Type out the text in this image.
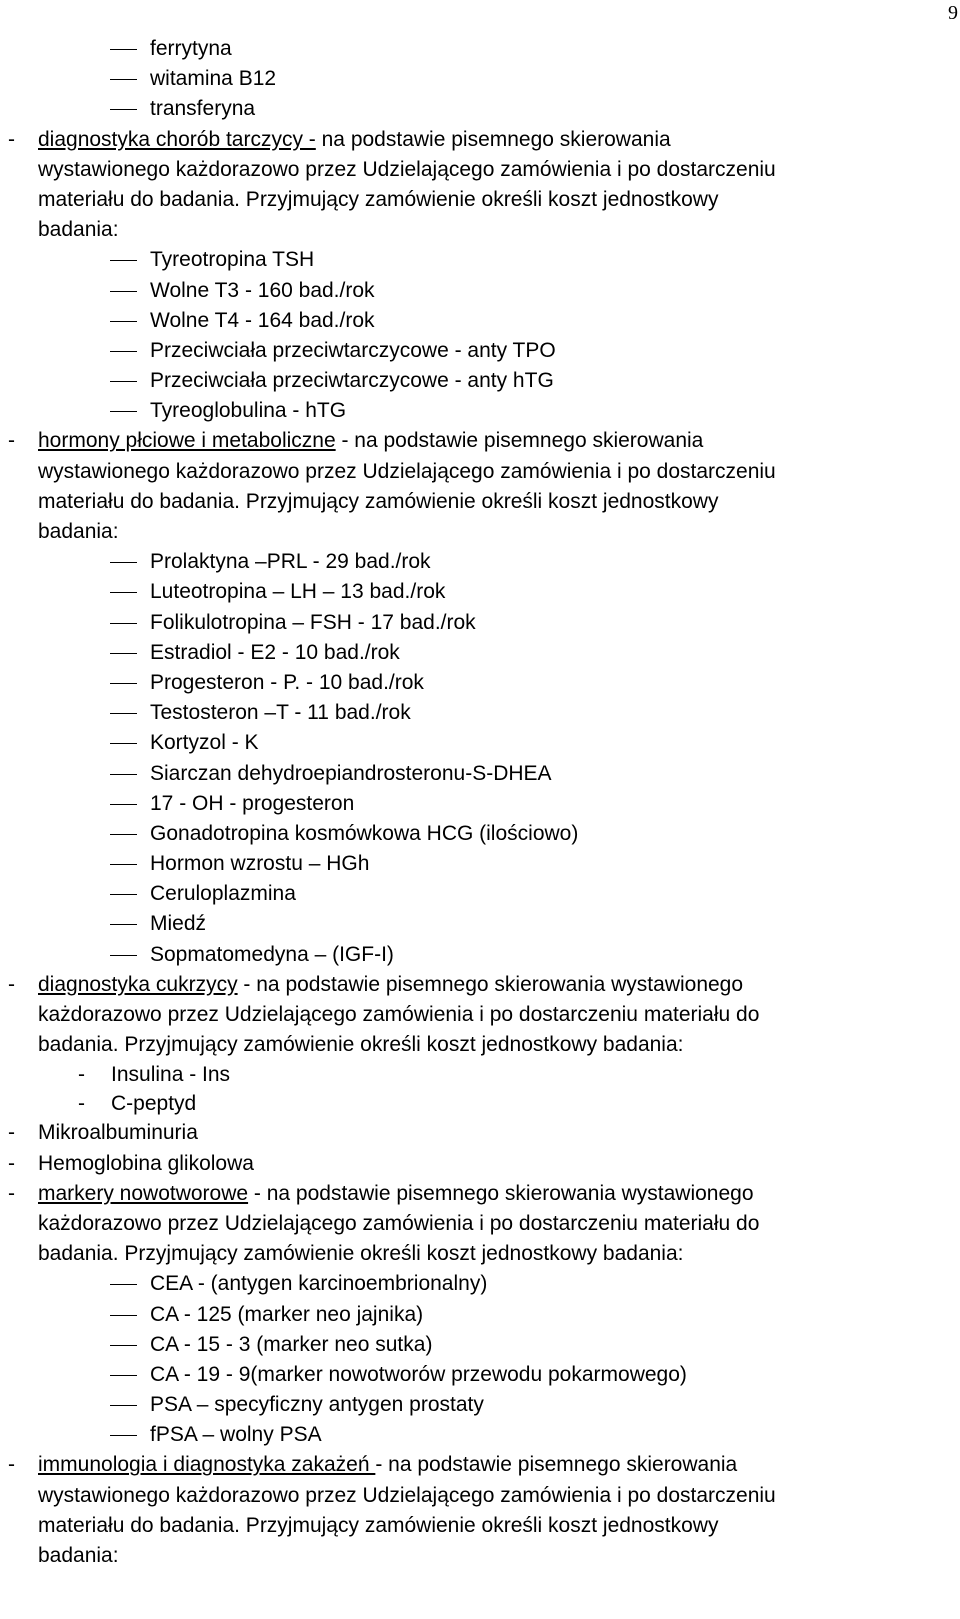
9
ferrytyna
witamina B12
transferyna
- diagnostyka chorób tarczycy - na podstawie pisemnego skierowania
wystawionego każdorazowo przez Udzielającego zamówienia i po dostarczeniu
materiału do badania. Przyjmujący zamówienie określi koszt jednostkowy
badania:
Tyreotropina TSH
Wolne T3 - 160 bad./rok
Wolne T4 - 164 bad./rok
Przeciwciała przeciwtarczycowe - anty TPO
Przeciwciała przeciwtarczycowe - anty hTG
Tyreoglobulina - hTG
- hormony płciowe i metaboliczne - na podstawie pisemnego skierowania
wystawionego każdorazowo przez Udzielającego zamówienia i po dostarczeniu
materiału do badania. Przyjmujący zamówienie określi koszt jednostkowy
badania:
Prolaktyna –PRL - 29 bad./rok
Luteotropina – LH – 13 bad./rok
Folikulotropina – FSH - 17 bad./rok
Estradiol - E2 - 10 bad./rok
Progesteron - P. - 10 bad./rok
Testosteron –T - 11 bad./rok
Kortyzol - K
Siarczan dehydroepiandrosteronu-S-DHEA
17 - OH - progesteron
Gonadotropina kosmówkowa HCG (ilościowo)
Hormon wzrostu – HGh
Ceruloplazmina
Miedź
Sopmatomedyna – (IGF-I)
- diagnostyka cukrzycy - na podstawie pisemnego skierowania wystawionego
każdorazowo przez Udzielającego zamówienia i po dostarczeniu materiału do
badania. Przyjmujący zamówienie określi koszt jednostkowy badania:
- Insulina - Ins
- C-peptyd
- Mikroalbuminuria
- Hemoglobina glikolowa
- markery nowotworowe - na podstawie pisemnego skierowania wystawionego
każdorazowo przez Udzielającego zamówienia i po dostarczeniu materiału do
badania. Przyjmujący zamówienie określi koszt jednostkowy badania:
CEA - (antygen karcinoembrionalny)
CA - 125 (marker neo jajnika)
CA - 15 - 3 (marker neo sutka)
CA - 19 - 9(marker nowotworów przewodu pokarmowego)
PSA – specyficzny antygen prostaty
fPSA – wolny PSA
- immunologia i diagnostyka zakażeń - na podstawie pisemnego skierowania
wystawionego każdorazowo przez Udzielającego zamówienia i po dostarczeniu
materiału do badania. Przyjmujący zamówienie określi koszt jednostkowy
badania:
